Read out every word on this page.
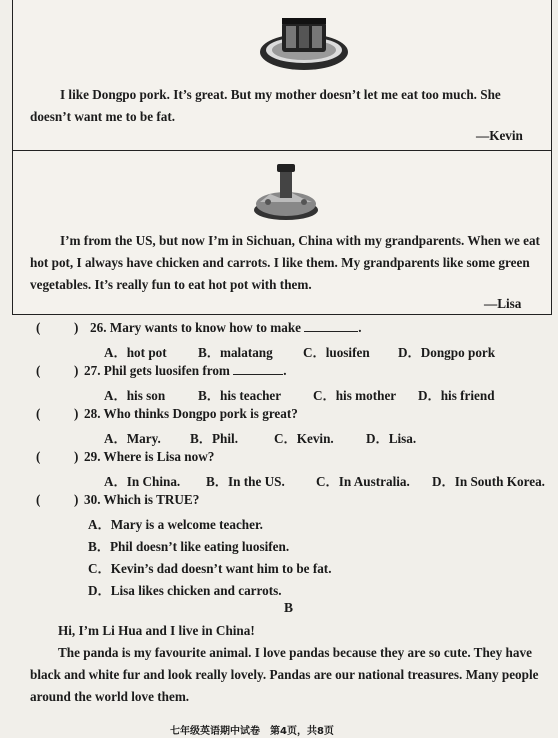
I like Dongpo pork. It’s great. But my mother doesn’t let me eat too much. She doesn’t want me to be fat.
—Kevin
I’m from the US, but now I’m in Sichuan, China with my grandparents. When we eat hot pot, I always have chicken and carrots. I like them. My grandparents like some green vegetables. It’s really fun to eat hot pot with them.
—Lisa
(	) 26. Mary wants to know how to make	.
A．hot pot B．malatang C．luosifen D．Dongpo pork
(	) 27. Phil gets luosifen from	.
A．his son B．his teacher C．his mother D．his friend
(	) 28. Who thinks Dongpo pork is great?
A．Mary. B．Phil.	C．Kevin. D．Lisa.
(	) 29. Where is Lisa now?
A．In China. B．In the US. C．In Australia. D．In South Korea.
(	) 30. Which is TRUE?
A．Mary is a welcome teacher.
B．Phil doesn’t like eating luosifen.
C．Kevin’s dad doesn’t want him to be fat.
D．Lisa likes chicken and carrots.
B
Hi, I’m Li Hua and I live in China!
The panda is my favourite animal. I love pandas because they are so cute. They have black and white fur and look really lovely. Pandas are our national treasures. Many people around the world love them.
七年级英语期中试卷　第4页，共8页
